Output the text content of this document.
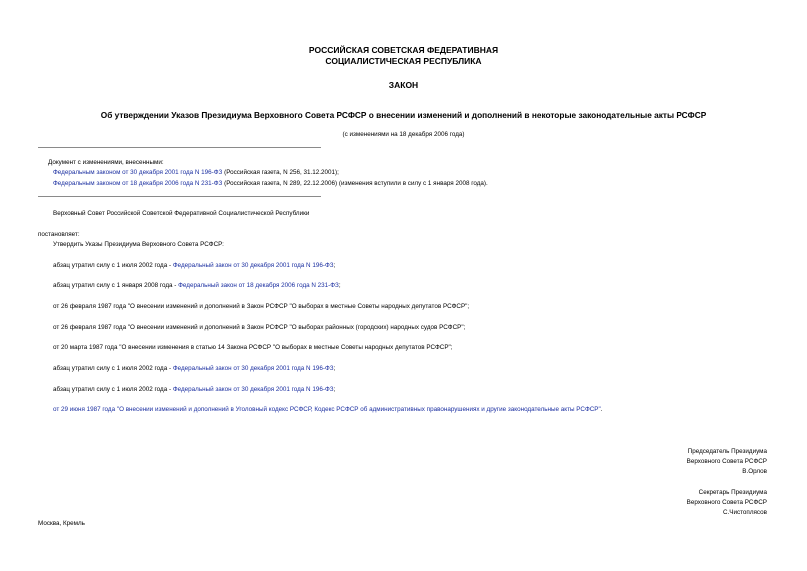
РОССИЙСКАЯ СОВЕТСКАЯ ФЕДЕРАТИВНАЯ
СОЦИАЛИСТИЧЕСКАЯ РЕСПУБЛИКА
ЗАКОН
Об утверждении Указов Президиума Верховного Совета РСФСР о внесении изменений и дополнений в некоторые законодательные акты РСФСР
(с изменениями на 18 декабря 2006 года)
Документ с изменениями, внесенными:
Федеральным законом от 30 декабря 2001 года N 196-ФЗ (Российская газета, N 256, 31.12.2001);
Федеральным законом от 18 декабря 2006 года N 231-ФЗ (Российская газета, N 289, 22.12.2006) (изменения вступили в силу с 1 января 2008 года).
Верховный Совет Российской Советской Федеративной Социалистической Республики
постановляет:
Утвердить Указы Президиума Верховного Совета РСФСР:
абзац утратил силу с 1 июля 2002 года - Федеральный закон от 30 декабря 2001 года N 196-ФЗ;
абзац утратил силу с 1 января 2008 года - Федеральный закон от 18 декабря 2006 года N 231-ФЗ;
от 26 февраля 1987 года "О внесении изменений и дополнений в Закон РСФСР "О выборах в местные Советы народных депутатов РСФСР";
от 26 февраля 1987 года "О внесении изменений и дополнений в Закон РСФСР "О выборах районных (городских) народных судов РСФСР";
от 20 марта 1987 года "О внесении изменения в статью 14 Закона РСФСР "О выборах в местные Советы народных депутатов РСФСР";
абзац утратил силу с 1 июля 2002 года - Федеральный закон от 30 декабря 2001 года N 196-ФЗ;
абзац утратил силу с 1 июля 2002 года - Федеральный закон от 30 декабря 2001 года N 196-ФЗ;
от 29 июня 1987 года "О внесении изменений и дополнений в Уголовный кодекс РСФСР, Кодекс РСФСР об административных правонарушениях и другие законодательные акты РСФСР".
Председатель Президиума
Верховного Совета РСФСР
В.Орлов
Секретарь Президиума
Верховного Совета РСФСР
С.Чистоплясов
Москва, Кремль
